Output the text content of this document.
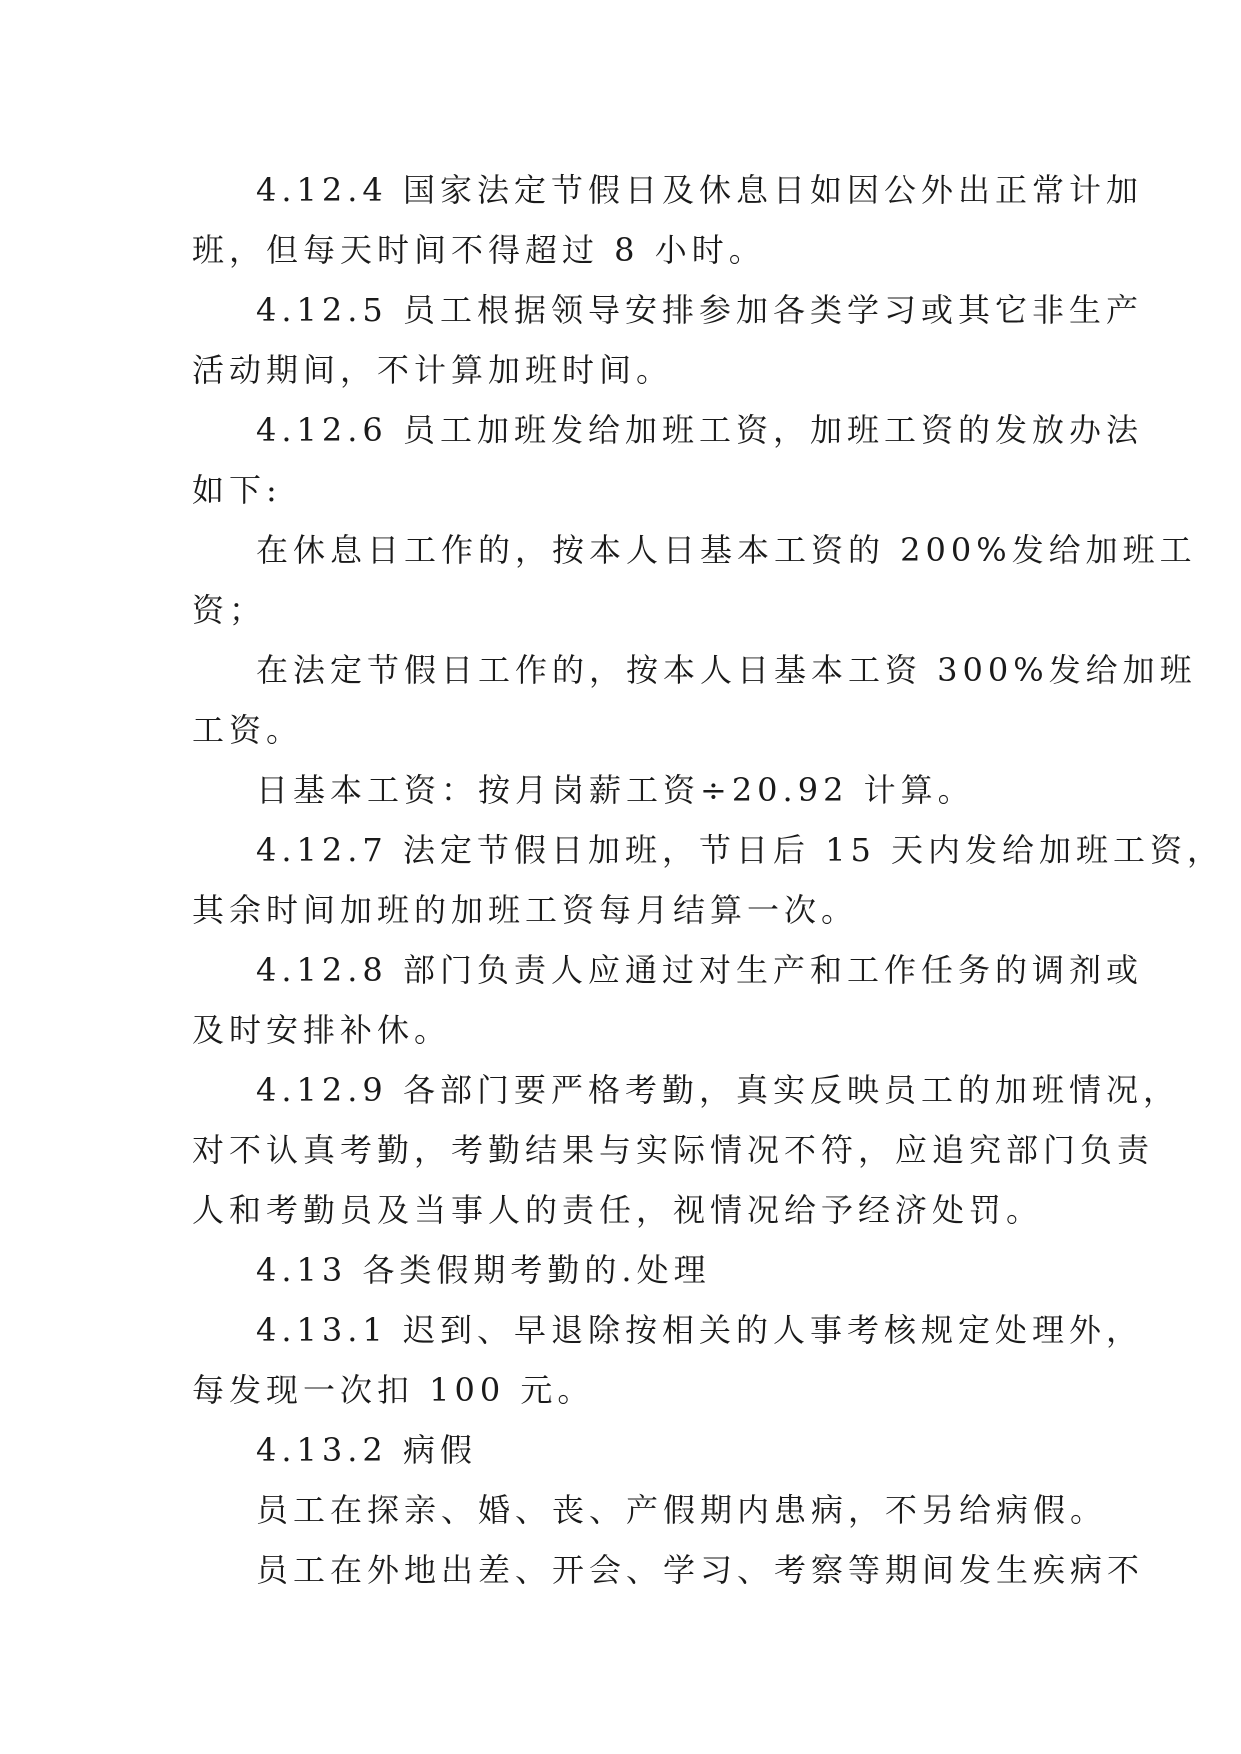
4.12.4 国家法定节假日及休息日如因公外出正常计加
班，但每天时间不得超过 8 小时。
4.12.5 员工根据领导安排参加各类学习或其它非生产
活动期间，不计算加班时间。
4.12.6 员工加班发给加班工资，加班工资的发放办法
如下:
在休息日工作的，按本人日基本工资的 200%发给加班工
资；
在法定节假日工作的，按本人日基本工资 300%发给加班
工资。
日基本工资：按月岗薪工资÷20.92 计算。
4.12.7 法定节假日加班，节日后 15 天内发给加班工资，
其余时间加班的加班工资每月结算一次。
4.12.8 部门负责人应通过对生产和工作任务的调剂或
及时安排补休。
4.12.9 各部门要严格考勤，真实反映员工的加班情况，
对不认真考勤，考勤结果与实际情况不符，应追究部门负责
人和考勤员及当事人的责任，视情况给予经济处罚。
4.13 各类假期考勤的.处理
4.13.1 迟到、早退除按相关的人事考核规定处理外，
每发现一次扣 100 元。
4.13.2 病假
员工在探亲、婚、丧、产假期内患病，不另给病假。
员工在外地出差、开会、学习、考察等期间发生疾病不
